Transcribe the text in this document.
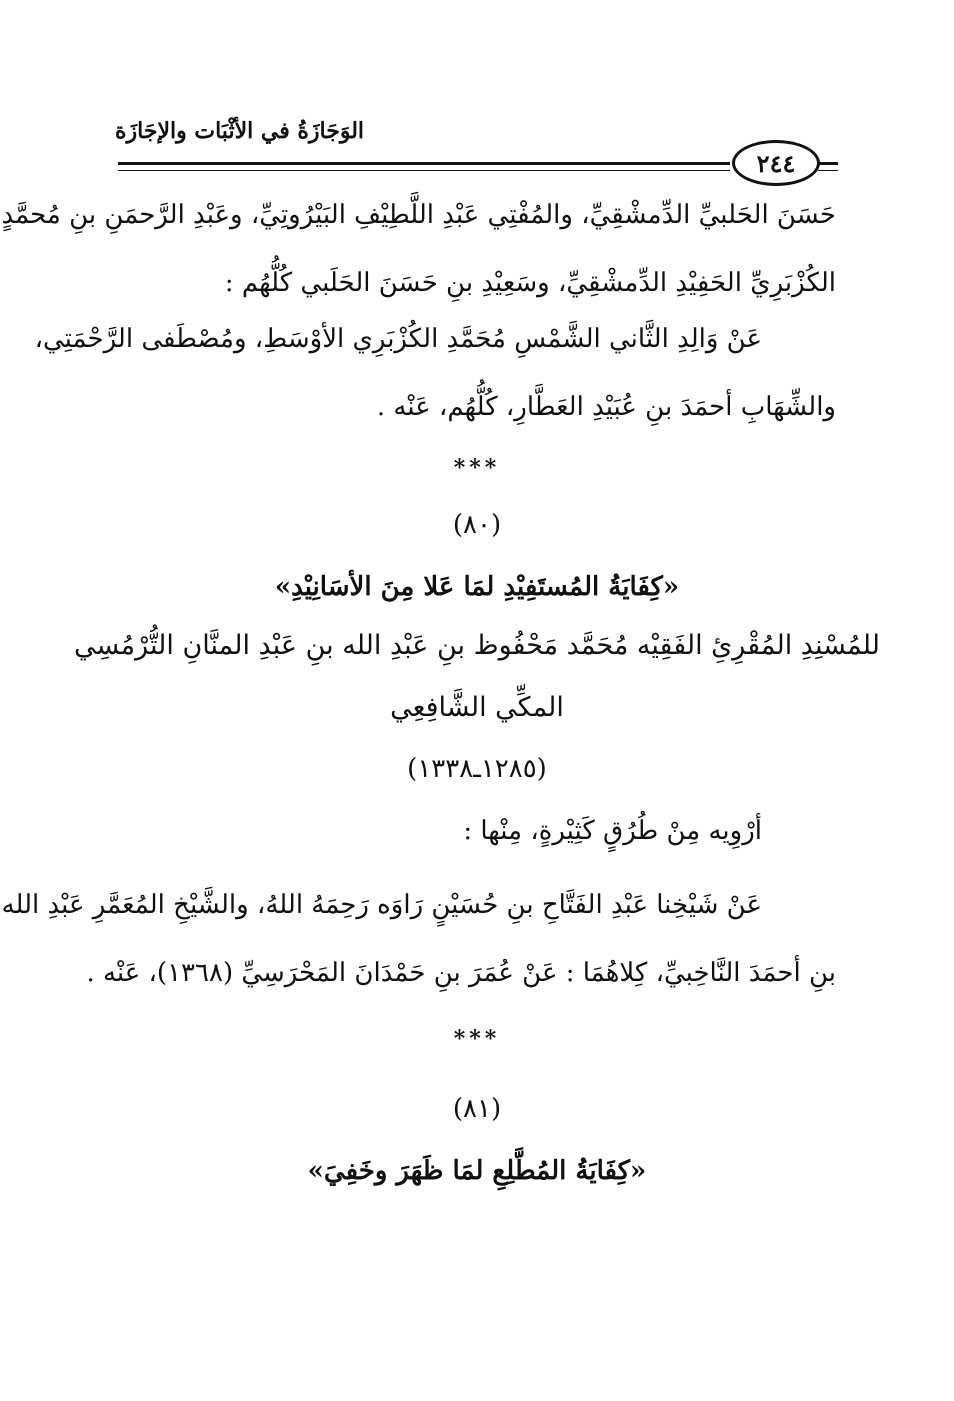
الوَجَازَةُ في الأثْبَات والإجَازَة
٢٤٤
حَسَنَ الحَلبيِّ الدِّمشْقِيِّ، والمُفْتِي عَبْدِ اللَّطِيْفِ البَيْرُوتِيِّ، وعَبْدِ الرَّحمَنِ بنِ مُحمَّدٍ
الكُزْبَرِيِّ الحَفِيْدِ الدِّمشْقِيِّ، وسَعِيْدِ بنِ حَسَنَ الحَلَبي كُلُّهُم :
عَنْ وَالِدِ الثَّاني الشَّمْسِ مُحَمَّدِ الكُزْبَرِي الأوْسَطِ، ومُصْطَفى الرَّحْمَتِي،
والشِّهَابِ أحمَدَ بنِ عُبَيْدِ العَطَّارِ، كُلُّهُم، عَنْه .
***
(٨٠)
«كِفَايَةُ المُستَفِيْدِ لمَا عَلا مِنَ الأسَانِيْدِ»
للمُسْنِدِ المُقْرِئِ الفَقِيْه مُحَمَّد مَحْفُوظ بنِ عَبْدِ الله بنِ عَبْدِ المنَّانِ التُّرْمُسِي
المكِّي الشَّافِعِي
(١٢٨٥ـ١٣٣٨)
أرْوِيه مِنْ طُرُقٍ كَثِيْرةٍ، مِنْها :
عَنْ شَيْخِنا عَبْدِ الفَتَّاحِ بنِ حُسَيْنٍ رَاوَه رَحِمَهُ اللهُ، والشَّيْخِ المُعَمَّرِ عَبْدِ الله
بنِ أحمَدَ النَّاخِبيِّ، كِلاهُمَا : عَنْ عُمَرَ بنِ حَمْدَانَ المَحْرَسِيِّ (١٣٦٨)، عَنْه .
***
(٨١)
«كِفَايَةُ المُطَّلِعِ لمَا ظَهَرَ وخَفِيَ»
